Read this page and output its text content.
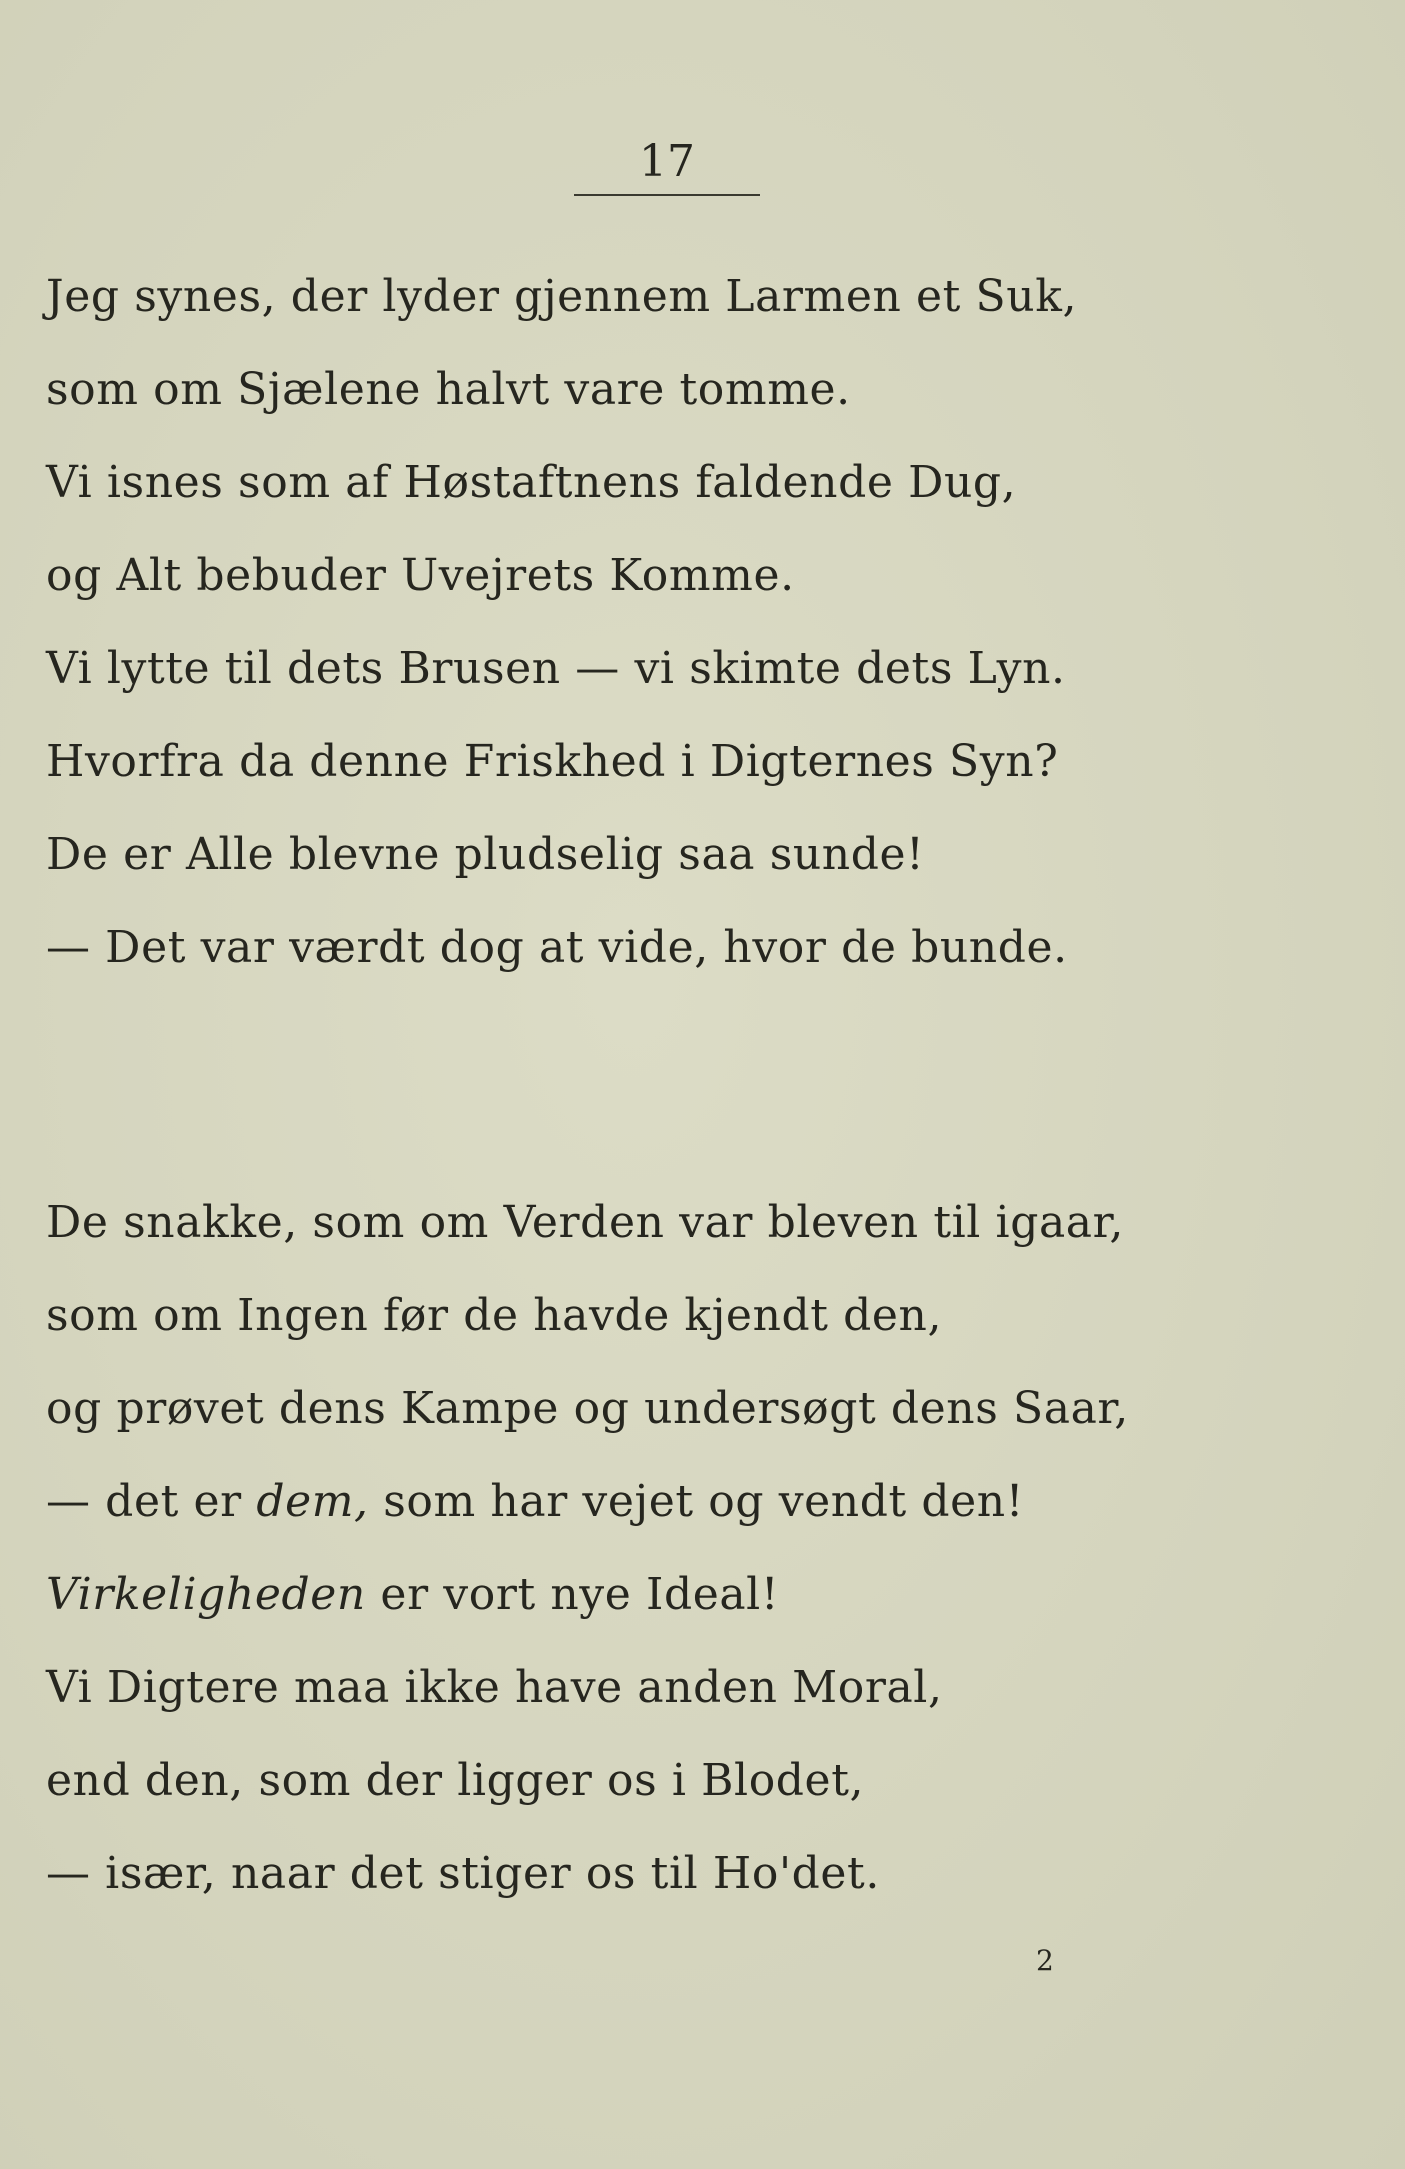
17
Jeg synes, der lyder gjennem Larmen et Suk,
som om Sjælene halvt vare tomme.
Vi isnes som af Høstaftnens faldende Dug,
og Alt bebuder Uvejrets Komme.
Vi lytte til dets Brusen — vi skimte dets Lyn.
Hvorfra da denne Friskhed i Digternes Syn?
De er Alle blevne pludselig saa sunde!
— Det var værdt dog at vide, hvor de bunde.
De snakke, som om Verden var bleven til igaar,
som om Ingen før de havde kjendt den,
og prøvet dens Kampe og undersøgt dens Saar,
— det er dem, som har vejet og vendt den!
Virkeligheden er vort nye Ideal!
Vi Digtere maa ikke have anden Moral,
end den, som der ligger os i Blodet,
— især, naar det stiger os til Ho'det.
2
